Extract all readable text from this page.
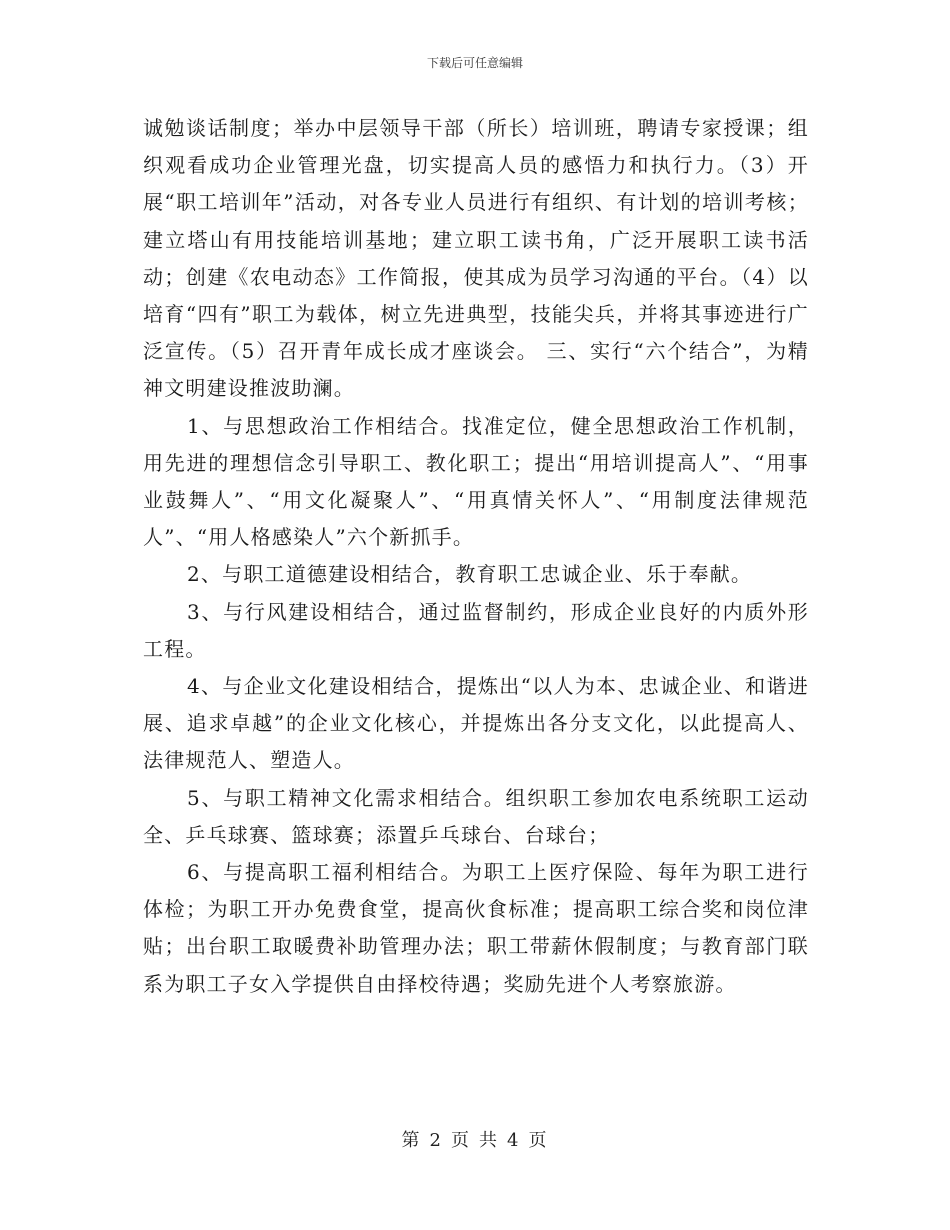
下载后可任意编辑

诚勉谈话制度；举办中层领导干部（所长）培训班，聘请专家授课；组织观看成功企业管理光盘，切实提高人员的感悟力和执行力。（3）开展“职工培训年”活动，对各专业人员进行有组织、有计划的培训考核；建立塔山有用技能培训基地；建立职工读书角，广泛开展职工读书活动；创建《农电动态》工作简报，使其成为员学习沟通的平台。（4）以培育“四有”职工为载体，树立先进典型，技能尖兵，并将其事迹进行广泛宣传。（5）召开青年成长成才座谈会。 三、实行“六个结合”，为精神文明建设推波助澜。

1、与思想政治工作相结合。找准定位，健全思想政治工作机制，用先进的理想信念引导职工、教化职工；提出“用培训提高人”、“用事业鼓舞人”、“用文化凝聚人”、“用真情关怀人”、“用制度法律规范人”、“用人格感染人”六个新抓手。

2、与职工道德建设相结合，教育职工忠诚企业、乐于奉献。

3、与行风建设相结合，通过监督制约，形成企业良好的内质外形工程。

4、与企业文化建设相结合，提炼出“以人为本、忠诚企业、和谐进展、追求卓越”的企业文化核心，并提炼出各分支文化，以此提高人、法律规范人、塑造人。

5、与职工精神文化需求相结合。组织职工参加农电系统职工运动全、乒乓球赛、篮球赛；添置乒乓球台、台球台；

6、与提高职工福利相结合。为职工上医疗保险、每年为职工进行体检；为职工开办免费食堂，提高伙食标准；提高职工综合奖和岗位津贴；出台职工取暖费补助管理办法；职工带薪休假制度；与教育部门联系为职工子女入学提供自由择校待遇；奖励先进个人考察旅游。

第 2 页 共 4 页
